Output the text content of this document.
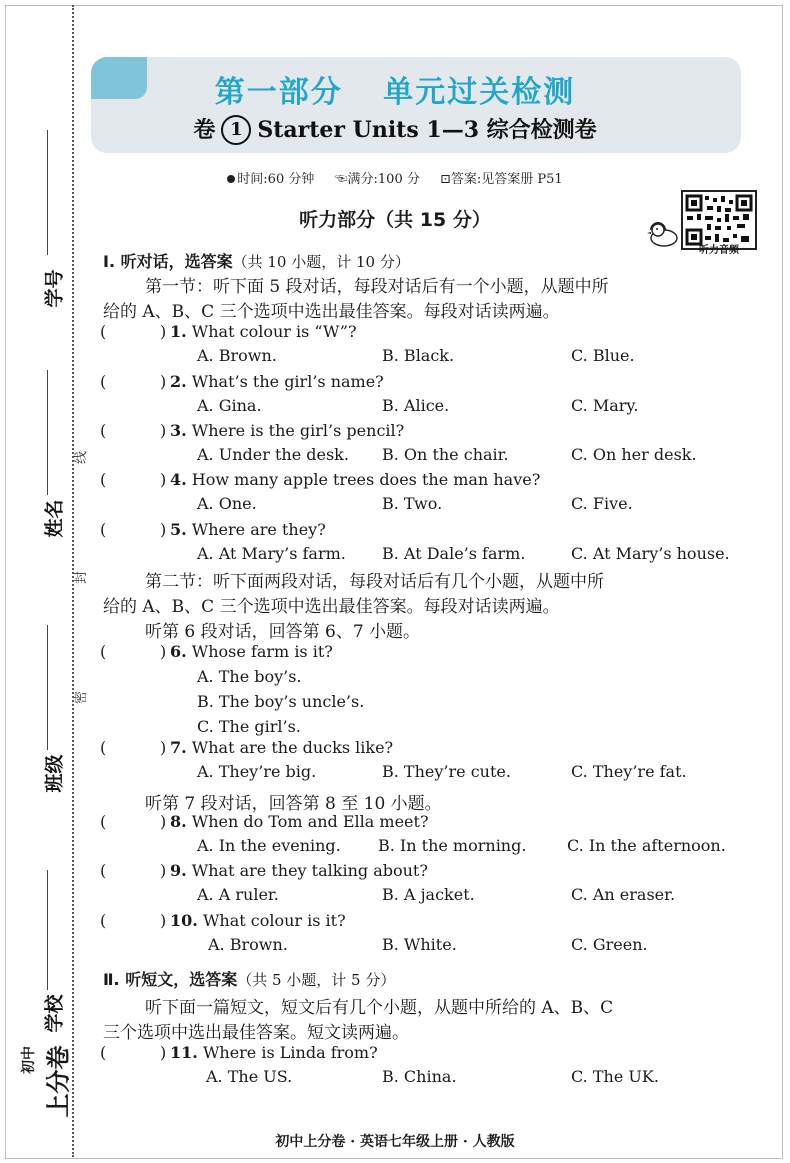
学号
姓名
班级
学校
线
封
密
初中 上分卷
第一部分 单元过关检测
卷 1 Starter Units 1—3 综合检测卷
时间:60 分钟 ☜满分:100 分 ⊡答案:见答案册 P51
听力音频
听力部分（共 15 分）
Ⅰ. 听对话，选答案（共 10 小题，计 10 分）
第一节：听下面 5 段对话，每段对话后有一个小题，从题中所
给的 A、B、C 三个选项中选出最佳答案。每段对话读两遍。
(	) 1. What colour is “W”?
A. Brown.	B. Black.	C. Blue.
(	) 2. What’s the girl’s name?
A. Gina.	B. Alice.	C. Mary.
(	) 3. Where is the girl’s pencil?
A. Under the desk. B. On the chair.	C. On her desk.
(	) 4. How many apple trees does the man have?
A. One.	B. Two.	C. Five.
(	) 5. Where are they?
A. At Mary’s farm. B. At Dale’s farm.	C. At Mary’s house.
(	) 6. Whose farm is it?
A. The boy’s.
B. The boy’s uncle’s.
C. The girl’s.
(	) 7. What are the ducks like?
A. They’re big.	B. They’re cute.	C. They’re fat.
(	) 8. When do Tom and Ella meet?
A. In the evening. B. In the morning.	C. In the afternoon.
(	) 9. What are they talking about?
A. A ruler.	B. A jacket.	C. An eraser.
(	) 10. What colour is it?
A. Brown.	B. White.	C. Green.
(	) 11. Where is Linda from?
A. The US.	B. China.	C. The UK.
第二节：听下面两段对话，每段对话后有几个小题，从题中所
给的 A、B、C 三个选项中选出最佳答案。每段对话读两遍。
听第 6 段对话，回答第 6、7 小题。
听第 7 段对话，回答第 8 至 10 小题。
Ⅱ. 听短文，选答案（共 5 小题，计 5 分）
听下面一篇短文，短文后有几个小题，从题中所给的 A、B、C
三个选项中选出最佳答案。短文读两遍。
初中上分卷 · 英语七年级上册 · 人教版
